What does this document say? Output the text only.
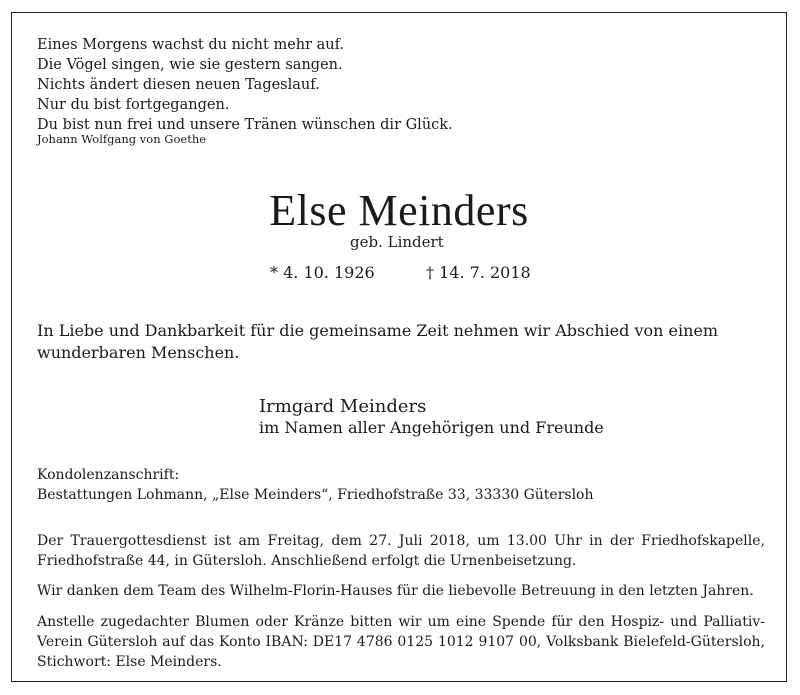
Eines Morgens wachst du nicht mehr auf.
Die Vögel singen, wie sie gestern sangen.
Nichts ändert diesen neuen Tageslauf.
Nur du bist fortgegangen.
Du bist nun frei und unsere Tränen wünschen dir Glück.
Johann Wolfgang von Goethe
Else Meinders
geb. Lindert
* 4. 10. 1926	† 14. 7. 2018
In Liebe und Dankbarkeit für die gemeinsame Zeit nehmen wir Abschied von einem wunderbaren Menschen.
Irmgard Meinders
im Namen aller Angehörigen und Freunde
Kondolenzanschrift:
Bestattungen Lohmann, „Else Meinders“, Friedhofstraße 33, 33330 Gütersloh
Der Trauergottesdienst ist am Freitag, dem 27. Juli 2018, um 13.00 Uhr in der Friedhofskapelle, Friedhofstraße 44, in Gütersloh. Anschließend erfolgt die Urnenbeisetzung.
Wir danken dem Team des Wilhelm-Florin-Hauses für die liebevolle Betreuung in den letzten Jahren.
Anstelle zugedachter Blumen oder Kränze bitten wir um eine Spende für den Hospiz- und Palliativ-Verein Gütersloh auf das Konto IBAN: DE17 4786 0125 1012 9107 00, Volksbank Bielefeld-Gütersloh, Stichwort: Else Meinders.
